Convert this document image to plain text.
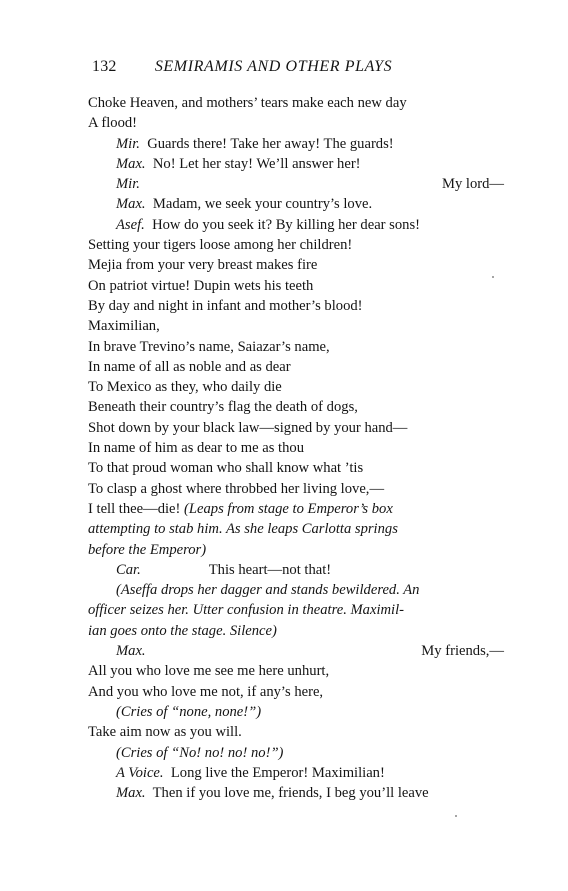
132 SEMIRAMIS AND OTHER PLAYS
Choke Heaven, and mothers’ tears make each new day
A flood!
Mir. Guards there! Take her away! The guards!
Max. No! Let her stay! We’ll answer her!
Mir.	My lord—
Max. Madam, we seek your country’s love.
Asef. How do you seek it? By killing her dear sons!
Setting your tigers loose among her children!
Mejia from your very breast makes fire
On patriot virtue! Dupin wets his teeth
By day and night in infant and mother’s blood!
Maximilian,
In brave Trevino’s name, Saiazar’s name,
In name of all as noble and as dear
To Mexico as they, who daily die
Beneath their country’s flag the death of dogs,
Shot down by your black law—signed by your hand—
In name of him as dear to me as thou
To that proud woman who shall know what ’tis
To clasp a ghost where throbbed her living love,—
I tell thee—die! (Leaps from stage to Emperor’s box
attempting to stab him. As she leaps Carlotta springs
before the Emperor)
Car.	This heart—not that!
(Aseffa drops her dagger and stands bewildered. An
officer seizes her. Utter confusion in theatre. Maximil-
ian goes onto the stage. Silence)
Max.	My friends,—
All you who love me see me here unhurt,
And you who love me not, if any’s here,
(Cries of “none, none!”)
Take aim now as you will.
(Cries of “No! no! no! no!”)
A Voice. Long live the Emperor! Maximilian!
Max. Then if you love me, friends, I beg you’ll leave
